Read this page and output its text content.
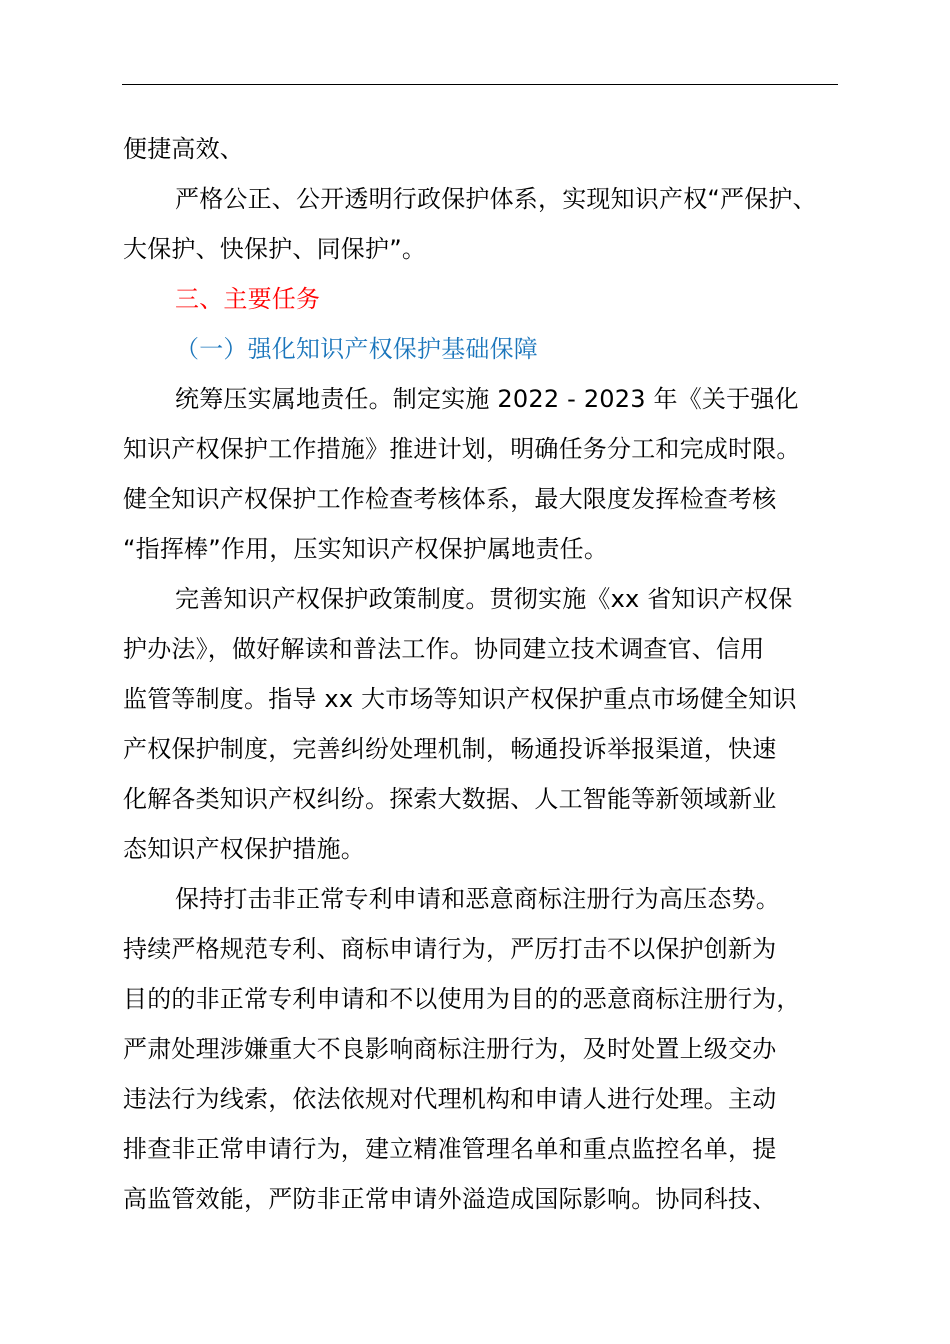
便捷高效、
严格公正、公开透明行政保护体系，实现知识产权“严保护、
大保护、快保护、同保护”。
三、主要任务
（一）强化知识产权保护基础保障
统筹压实属地责任。制定实施 2022 - 2023 年《关于强化
知识产权保护工作措施》推进计划，明确任务分工和完成时限。
健全知识产权保护工作检查考核体系，最大限度发挥检查考核
“指挥棒”作用，压实知识产权保护属地责任。
完善知识产权保护政策制度。贯彻实施《xx 省知识产权保
护办法》，做好解读和普法工作。协同建立技术调查官、信用
监管等制度。指导 xx 大市场等知识产权保护重点市场健全知识
产权保护制度，完善纠纷处理机制，畅通投诉举报渠道，快速
化解各类知识产权纠纷。探索大数据、人工智能等新领域新业
态知识产权保护措施。
保持打击非正常专利申请和恶意商标注册行为高压态势。
持续严格规范专利、商标申请行为，严厉打击不以保护创新为
目的的非正常专利申请和不以使用为目的的恶意商标注册行为，
严肃处理涉嫌重大不良影响商标注册行为，及时处置上级交办
违法行为线索，依法依规对代理机构和申请人进行处理。主动
排查非正常申请行为，建立精准管理名单和重点监控名单，提
高监管效能，严防非正常申请外溢造成国际影响。协同科技、
